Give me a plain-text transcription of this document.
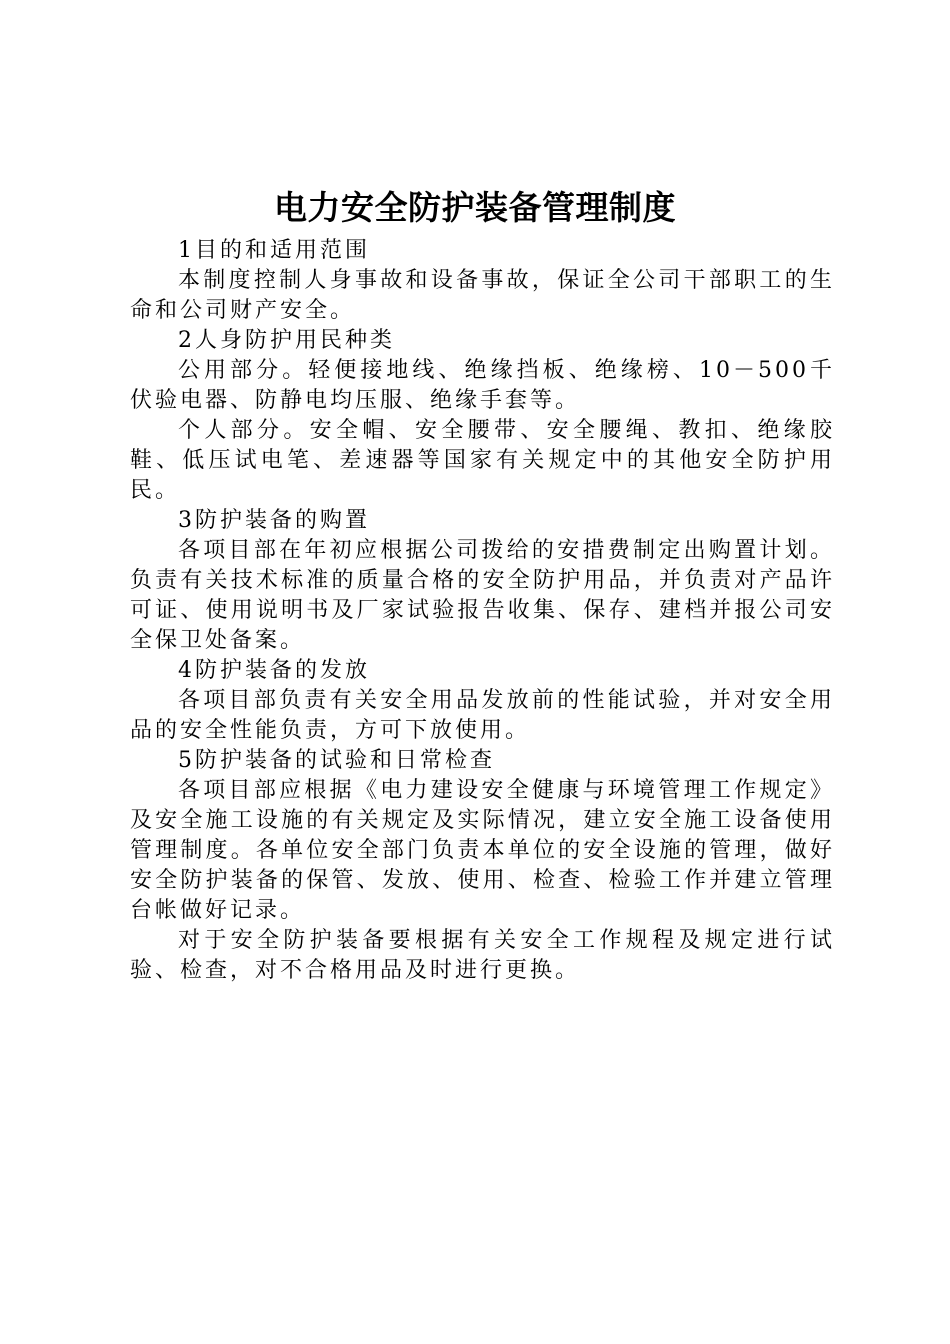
电力安全防护装备管理制度

1目的和适用范围

本制度控制人身事故和设备事故，保证全公司干部职工的生命和公司财产安全。

2人身防护用民种类

公用部分。轻便接地线、绝缘挡板、绝缘榜、10－500千伏验电器、防静电均压服、绝缘手套等。

个人部分。安全帽、安全腰带、安全腰绳、教扣、绝缘胶鞋、低压试电笔、差速器等国家有关规定中的其他安全防护用民。

3防护装备的购置

各项目部在年初应根据公司拨给的安措费制定出购置计划。负责有关技术标准的质量合格的安全防护用品，并负责对产品许可证、使用说明书及厂家试验报告收集、保存、建档并报公司安全保卫处备案。

4防护装备的发放

各项目部负责有关安全用品发放前的性能试验，并对安全用品的安全性能负责，方可下放使用。

5防护装备的试验和日常检查

各项目部应根据《电力建设安全健康与环境管理工作规定》及安全施工设施的有关规定及实际情况，建立安全施工设备使用管理制度。各单位安全部门负责本单位的安全设施的管理，做好安全防护装备的保管、发放、使用、检查、检验工作并建立管理台帐做好记录。

对于安全防护装备要根据有关安全工作规程及规定进行试验、检查，对不合格用品及时进行更换。
